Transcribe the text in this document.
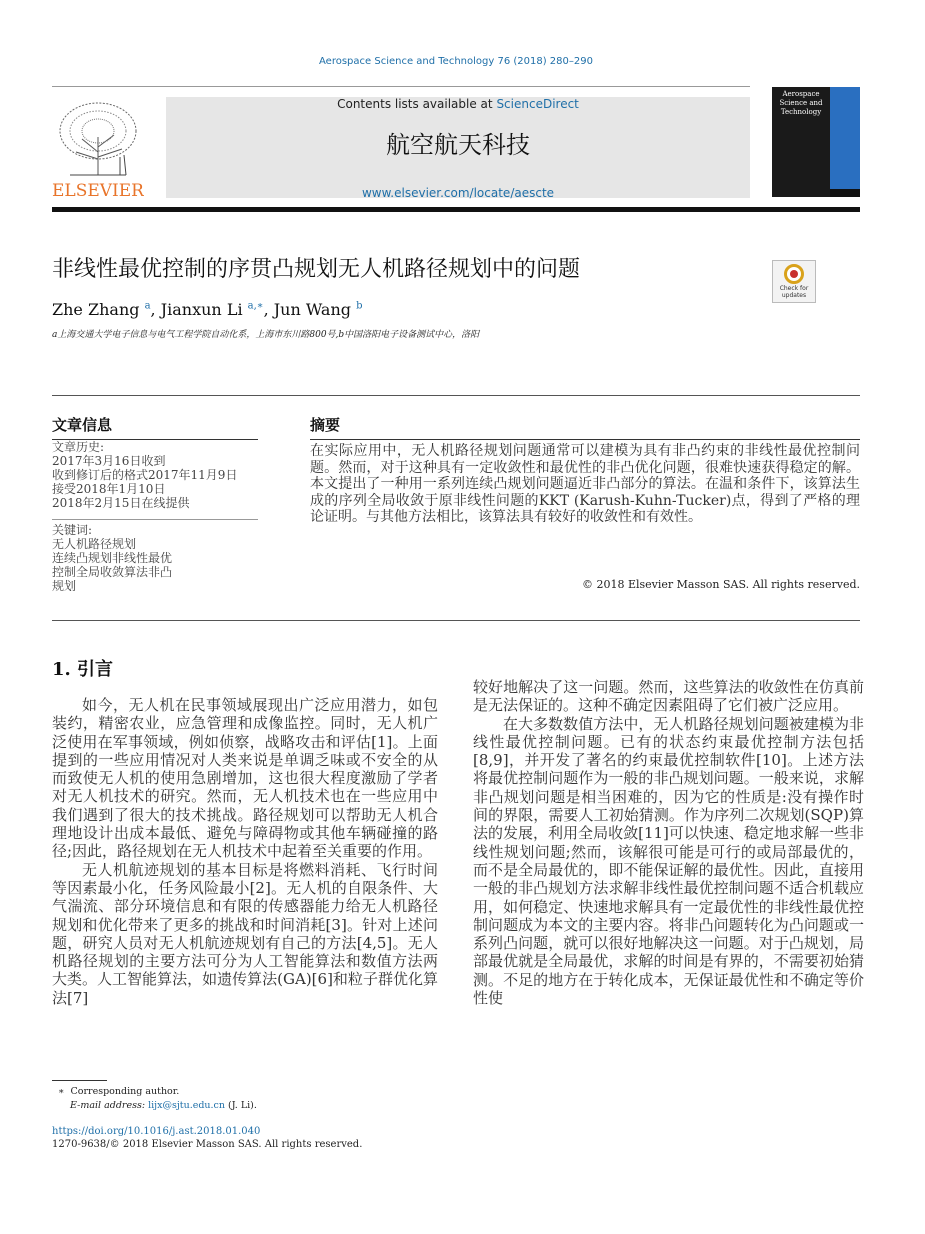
Aerospace Science and Technology 76 (2018) 280–290
ELSEVIER
Contents lists available at ScienceDirect
航空航天科技
www.elsevier.com/locate/aescte
Aerospace Science and Technology
非线性最优控制的序贯凸规划无人机路径规划中的问题
Check for updates
Zhe Zhang $^a$, Jianxun Li $^{a,∗}$, Jun Wang $^b$
a上海交通大学电子信息与电气工程学院自动化系，上海市东川路800号,b中国洛阳电子设备测试中心，洛阳
文章信息	摘要
文章历史:
2017年3月16日收到
收到修订后的格式2017年11月9日
接受2018年1月10日
2018年2月15日在线提供
关键词:
无人机路径规划
连续凸规划非线性最优
控制全局收敛算法非凸
规划
在实际应用中，无人机路径规划问题通常可以建模为具有非凸约束的非线性最优控制问题。然而，对于这种具有一定收敛性和最优性的非凸优化问题，很难快速获得稳定的解。本文提出了一种用一系列连续凸规划问题逼近非凸部分的算法。在温和条件下，该算法生成的序列全局收敛于原非线性问题的KKT (Karush-Kuhn-Tucker)点，得到了严格的理论证明。与其他方法相比，该算法具有较好的收敛性和有效性。
© 2018 Elsevier Masson SAS. All rights reserved.
1. 引言

如今，无人机在民事领域展现出广泛应用潜力，如包装约，精密农业，应急管理和成像监控。同时，无人机广泛使用在军事领域，例如侦察，战略攻击和评估[1]。上面提到的一些应用情况对人类来说是单调乏味或不安全的从而致使无人机的使用急剧增加，这也很大程度激励了学者对无人机技术的研究。然而，无人机技术也在一些应用中我们遇到了很大的技术挑战。路径规划可以帮助无人机合理地设计出成本最低、避免与障碍物或其他车辆碰撞的路径;因此，路径规划在无人机技术中起着至关重要的作用。

无人机航迹规划的基本目标是将燃料消耗、飞行时间等因素最小化，任务风险最小[2]。无人机的自限条件、大气湍流、部分环境信息和有限的传感器能力给无人机路径规划和优化带来了更多的挑战和时间消耗[3]。针对上述问题，研究人员对无人机航迹规划有自己的方法[4,5]。无人机路径规划的主要方法可分为人工智能算法和数值方法两大类。人工智能算法，如遗传算法(GA)[6]和粒子群优化算法[7]

较好地解决了这一问题。然而，这些算法的收敛性在仿真前是无法保证的。这种不确定因素阻碍了它们被广泛应用。

在大多数数值方法中，无人机路径规划问题被建模为非线性最优控制问题。已有的状态约束最优控制方法包括[8,9]，并开发了著名的约束最优控制软件[10]。上述方法将最优控制问题作为一般的非凸规划问题。一般来说，求解非凸规划问题是相当困难的，因为它的性质是:没有操作时间的界限，需要人工初始猜测。作为序列二次规划(SQP)算法的发展，利用全局收敛[11]可以快速、稳定地求解一些非线性规划问题;然而，该解很可能是可行的或局部最优的，而不是全局最优的，即不能保证解的最优性。因此，直接用一般的非凸规划方法求解非线性最优控制问题不适合机载应用，如何稳定、快速地求解具有一定最优性的非线性最优控制问题成为本文的主要内容。将非凸问题转化为凸问题或一系列凸问题，就可以很好地解决这一问题。对于凸规划，局部最优就是全局最优，求解的时间是有界的，不需要初始猜测。不足的地方在于转化成本，无保证最优性和不确定等价性使

∗ Corresponding author.
E-mail address: lijx@sjtu.edu.cn (J. Li).
https://doi.org/10.1016/j.ast.2018.01.040
1270-9638/© 2018 Elsevier Masson SAS. All rights reserved.
